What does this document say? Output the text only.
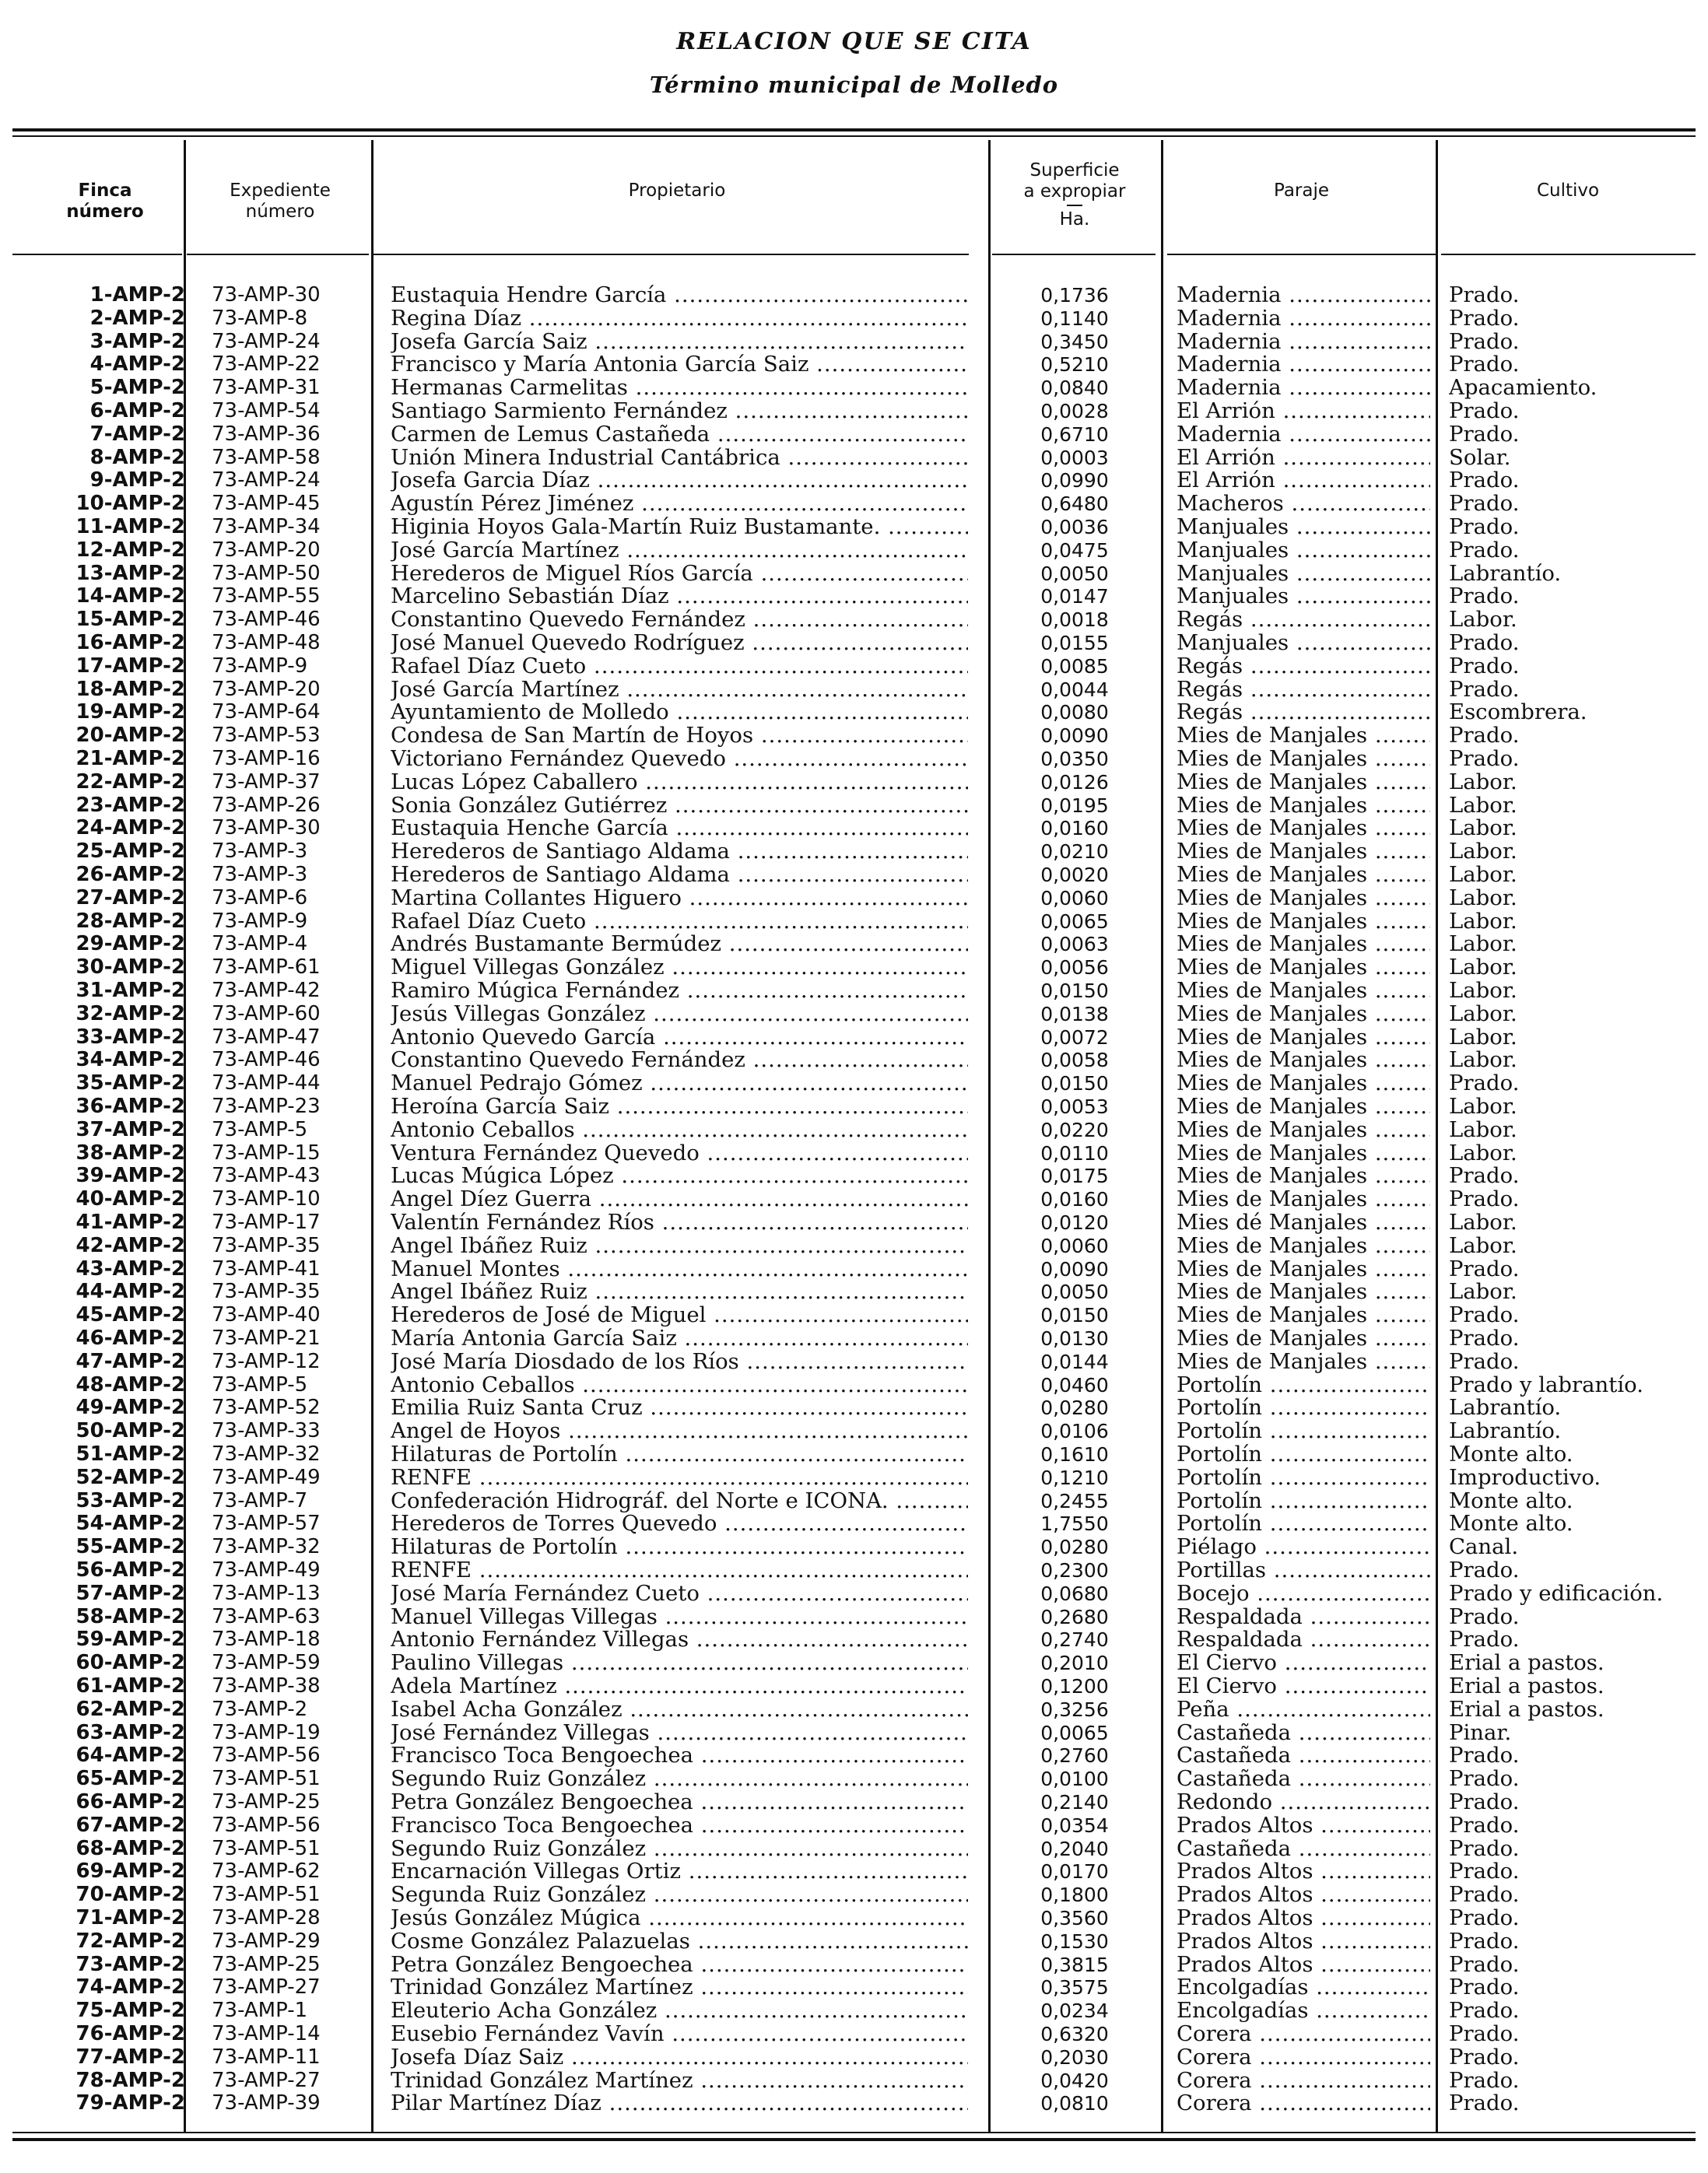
RELACION QUE SE CITA
Término municipal de Molledo
Finca
número
Expediente
número
Propietario
Superficie
a expropiar
Ha.
Paraje	Cultivo
1-AMP-2 73-AMP-30	Eustaquia Hendre García .....	0,1736	Madernia .....	Prado.
2-AMP-2 73-AMP-8	Regina Díaz .....	0,1140	Madernia .....	Prado.
3-AMP-2 73-AMP-24	Josefa García Saiz .....	0,3450	Madernia .....	Prado.
4-AMP-2 73-AMP-22	Francisco y María Antonia García Saiz .....	0,5210	Madernia .....	Prado.
5-AMP-2 73-AMP-31	Hermanas Carmelitas .....	0,0840	Madernia .....	Apacamiento.
6-AMP-2 73-AMP-54	Santiago Sarmiento Fernández .....	0,0028	El Arrión .....	Prado.
7-AMP-2 73-AMP-36	Carmen de Lemus Castañeda .....	0,6710	Madernia .....	Prado.
8-AMP-2 73-AMP-58	Unión Minera Industrial Cantábrica .....	0,0003	El Arrión .....	Solar.
9-AMP-2 73-AMP-24	Josefa Garcia Díaz .....	0,0990	El Arrión .....	Prado.
10-AMP-2 73-AMP-45	Agustín Pérez Jiménez .....	0,6480	Macheros .....	Prado.
11-AMP-2 73-AMP-34	Higinia Hoyos Gala-Martín Ruiz Bustamante. .....	0,0036	Manjuales .....	Prado.
12-AMP-2 73-AMP-20	José García Martínez .....	0,0475	Manjuales .....	Prado.
13-AMP-2 73-AMP-50	Herederos de Miguel Ríos García .....	0,0050	Manjuales .....	Labrantío.
14-AMP-2 73-AMP-55	Marcelino Sebastián Díaz .....	0,0147	Manjuales .....	Prado.
15-AMP-2 73-AMP-46	Constantino Quevedo Fernández .....	0,0018	Regás .....	Labor.
16-AMP-2 73-AMP-48	José Manuel Quevedo Rodríguez .....	0,0155	Manjuales .....	Prado.
17-AMP-2 73-AMP-9	Rafael Díaz Cueto .....	0,0085	Regás .....	Prado.
18-AMP-2 73-AMP-20	José García Martínez .....	0,0044	Regás .....	Prado.
19-AMP-2 73-AMP-64	Ayuntamiento de Molledo .....	0,0080	Regás .....	Escombrera.
20-AMP-2 73-AMP-53	Condesa de San Martín de Hoyos .....	0,0090	Mies de Manjales .....	Prado.
21-AMP-2 73-AMP-16	Victoriano Fernández Quevedo .....	0,0350	Mies de Manjales .....	Prado.
22-AMP-2 73-AMP-37	Lucas López Caballero .....	0,0126	Mies de Manjales .....	Labor.
23-AMP-2 73-AMP-26	Sonia González Gutiérrez .....	0,0195	Mies de Manjales .....	Labor.
24-AMP-2 73-AMP-30	Eustaquia Henche García .....	0,0160	Mies de Manjales .....	Labor.
25-AMP-2 73-AMP-3	Herederos de Santiago Aldama .....	0,0210	Mies de Manjales .....	Labor.
26-AMP-2 73-AMP-3	Herederos de Santiago Aldama .....	0,0020	Mies de Manjales .....	Labor.
27-AMP-2 73-AMP-6	Martina Collantes Higuero .....	0,0060	Mies de Manjales .....	Labor.
28-AMP-2 73-AMP-9	Rafael Díaz Cueto .....	0,0065	Mies de Manjales .....	Labor.
29-AMP-2 73-AMP-4	Andrés Bustamante Bermúdez .....	0,0063	Mies de Manjales .....	Labor.
30-AMP-2 73-AMP-61	Miguel Villegas González .....	0,0056	Mies de Manjales .....	Labor.
31-AMP-2 73-AMP-42	Ramiro Múgica Fernández .....	0,0150	Mies de Manjales .....	Labor.
32-AMP-2 73-AMP-60	Jesús Villegas González .....	0,0138	Mies de Manjales .....	Labor.
33-AMP-2 73-AMP-47	Antonio Quevedo García .....	0,0072	Mies de Manjales .....	Labor.
34-AMP-2 73-AMP-46	Constantino Quevedo Fernández .....	0,0058	Mies de Manjales .....	Labor.
35-AMP-2 73-AMP-44	Manuel Pedrajo Gómez .....	0,0150	Mies de Manjales .....	Prado.
36-AMP-2 73-AMP-23	Heroína García Saiz .....	0,0053	Mies de Manjales .....	Labor.
37-AMP-2 73-AMP-5	Antonio Ceballos .....	0,0220	Mies de Manjales .....	Labor.
38-AMP-2 73-AMP-15	Ventura Fernández Quevedo .....	0,0110	Mies de Manjales .....	Labor.
39-AMP-2 73-AMP-43	Lucas Múgica López .....	0,0175	Mies de Manjales .....	Prado.
40-AMP-2 73-AMP-10	Angel Díez Guerra .....	0,0160	Mies de Manjales .....	Prado.
41-AMP-2 73-AMP-17	Valentín Fernández Ríos .....	0,0120	Mies dé Manjales .....	Labor.
42-AMP-2 73-AMP-35	Angel Ibáñez Ruiz .....	0,0060	Mies de Manjales .....	Labor.
43-AMP-2 73-AMP-41	Manuel Montes .....	0,0090	Mies de Manjales .....	Prado.
44-AMP-2 73-AMP-35	Angel Ibáñez Ruiz .....	0,0050	Mies de Manjales .....	Labor.
45-AMP-2 73-AMP-40	Herederos de José de Miguel .....	0,0150	Mies de Manjales .....	Prado.
46-AMP-2 73-AMP-21	María Antonia García Saiz .....	0,0130	Mies de Manjales .....	Prado.
47-AMP-2 73-AMP-12	José María Diosdado de los Ríos .....	0,0144	Mies de Manjales .....	Prado.
48-AMP-2 73-AMP-5	Antonio Ceballos .....	0,0460	Portolín .....	Prado y labrantío.
49-AMP-2 73-AMP-52	Emilia Ruiz Santa Cruz .....	0,0280	Portolín .....	Labrantío.
50-AMP-2 73-AMP-33	Angel de Hoyos .....	0,0106	Portolín .....	Labrantío.
51-AMP-2 73-AMP-32	Hilaturas de Portolín .....	0,1610	Portolín .....	Monte alto.
52-AMP-2 73-AMP-49	RENFE .....	0,1210	Portolín .....	Improductivo.
53-AMP-2 73-AMP-7	Confederación Hidrográf. del Norte e ICONA. .....	0,2455	Portolín .....	Monte alto.
54-AMP-2 73-AMP-57	Herederos de Torres Quevedo .....	1,7550	Portolín .....	Monte alto.
55-AMP-2 73-AMP-32	Hilaturas de Portolín .....	0,0280	Piélago .....	Canal.
56-AMP-2 73-AMP-49	RENFE .....	0,2300	Portillas .....	Prado.
57-AMP-2 73-AMP-13	José María Fernández Cueto .....	0,0680	Bocejo .....	Prado y edificación.
58-AMP-2 73-AMP-63	Manuel Villegas Villegas .....	0,2680	Respaldada .....	Prado.
59-AMP-2 73-AMP-18	Antonio Fernández Villegas .....	0,2740	Respaldada .....	Prado.
60-AMP-2 73-AMP-59	Paulino Villegas .....	0,2010	El Ciervo .....	Erial a pastos.
61-AMP-2 73-AMP-38	Adela Martínez .....	0,1200	El Ciervo .....	Erial a pastos.
62-AMP-2 73-AMP-2	Isabel Acha González .....	0,3256	Peña .....	Erial a pastos.
63-AMP-2 73-AMP-19	José Fernández Villegas .....	0,0065	Castañeda .....	Pinar.
64-AMP-2 73-AMP-56	Francisco Toca Bengoechea .....	0,2760	Castañeda .....	Prado.
65-AMP-2 73-AMP-51	Segundo Ruiz González .....	0,0100	Castañeda .....	Prado.
66-AMP-2 73-AMP-25	Petra González Bengoechea .....	0,2140	Redondo .....	Prado.
67-AMP-2 73-AMP-56	Francisco Toca Bengoechea .....	0,0354	Prados Altos .....	Prado.
68-AMP-2 73-AMP-51	Segundo Ruiz González .....	0,2040	Castañeda .....	Prado.
69-AMP-2 73-AMP-62	Encarnación Villegas Ortiz .....	0,0170	Prados Altos .....	Prado.
70-AMP-2 73-AMP-51	Segunda Ruiz González .....	0,1800	Prados Altos .....	Prado.
71-AMP-2 73-AMP-28	Jesús González Múgica .....	0,3560	Prados Altos .....	Prado.
72-AMP-2 73-AMP-29	Cosme González Palazuelas .....	0,1530	Prados Altos .....	Prado.
73-AMP-2 73-AMP-25	Petra González Bengoechea .....	0,3815	Prados Altos .....	Prado.
74-AMP-2 73-AMP-27	Trinidad González Martínez .....	0,3575	Encolgadías .....	Prado.
75-AMP-2 73-AMP-1	Eleuterio Acha González .....	0,0234	Encolgadías .....	Prado.
76-AMP-2 73-AMP-14	Eusebio Fernández Vavín .....	0,6320	Corera .....	Prado.
77-AMP-2 73-AMP-11	Josefa Díaz Saiz .....	0,2030	Corera .....	Prado.
78-AMP-2 73-AMP-27	Trinidad González Martínez .....	0,0420	Corera .....	Prado.
79-AMP-2 73-AMP-39	Pilar Martínez Díaz .....	0,0810	Corera .....	Prado.
